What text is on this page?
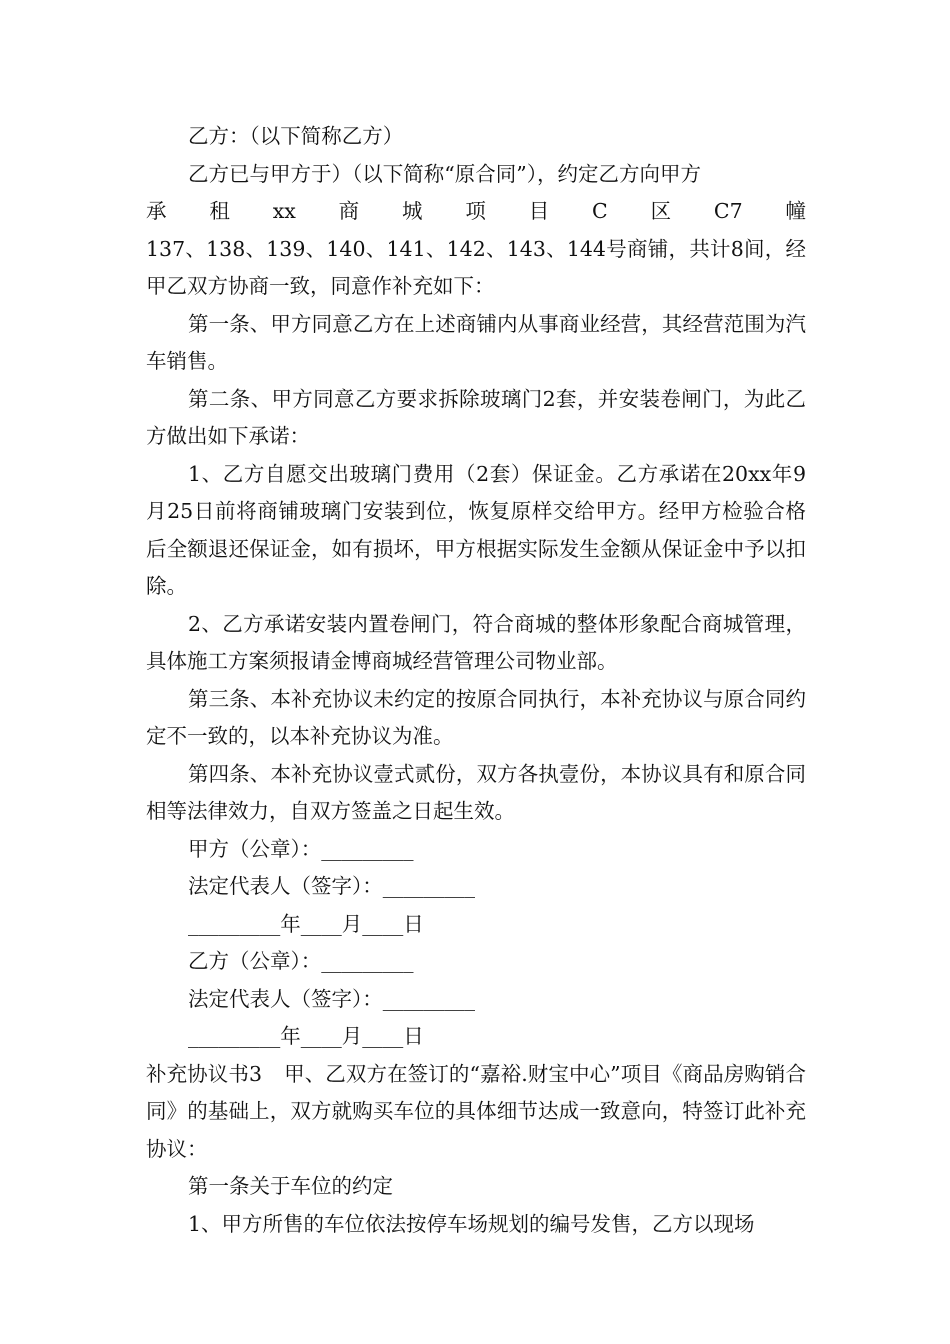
乙方：（以下简称乙方）

乙方已与甲方于）（以下简称“原合同”），约定乙方向甲方

承　　租　　xx　　商　　城　　项　　目　　C　　区　　C7　　幢

137、138、139、140、141、142、143、144号商铺，共计8间，经甲乙双方协商一致，同意作补充如下：

第一条、甲方同意乙方在上述商铺内从事商业经营，其经营范围为汽车销售。

第二条、甲方同意乙方要求拆除玻璃门2套，并安装卷闸门，为此乙方做出如下承诺：

1、乙方自愿交出玻璃门费用（2套）保证金。乙方承诺在20xx年9月25日前将商铺玻璃门安装到位，恢复原样交给甲方。经甲方检验合格后全额退还保证金，如有损坏，甲方根据实际发生金额从保证金中予以扣除。

2、乙方承诺安装内置卷闸门，符合商城的整体形象配合商城管理，具体施工方案须报请金博商城经营管理公司物业部。

第三条、本补充协议未约定的按原合同执行，本补充协议与原合同约定不一致的，以本补充协议为准。

第四条、本补充协议壹式贰份，双方各执壹份，本协议具有和原合同相等法律效力，自双方签盖之日起生效。

甲方（公章）：_________

法定代表人（签字）：_________

_________年____月____日

乙方（公章）：_________

法定代表人（签字）：_________

_________年____月____日

补充协议书3 甲、乙双方在签订的“嘉裕.财宝中心”项目《商品房购销合同》的基础上，双方就购买车位的具体细节达成一致意向，特签订此补充协议：

第一条关于车位的约定

1、甲方所售的车位依法按停车场规划的编号发售，乙方以现场
